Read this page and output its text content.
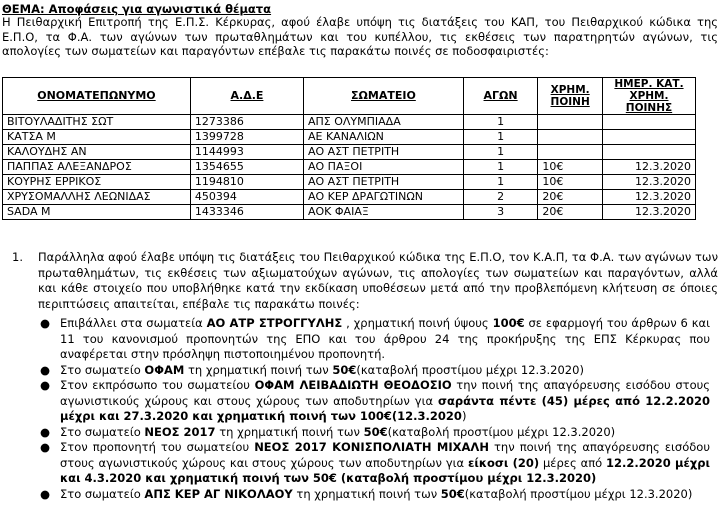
ΘΕΜΑ: Αποφάσεις για αγωνιστικά θέματα
Η Πειθαρχική Επιτροπή της Ε.Π.Σ. Κέρκυρας, αφού έλαβε υπόψη τις διατάξεις του ΚΑΠ, του Πειθαρχικού κώδικα της Ε.Π.Ο, τα Φ.Α. των αγώνων των πρωταθλημάτων και του κυπέλλου, τις εκθέσεις των παρατηρητών αγώνων, τις απολογίες των σωματείων και παραγόντων επέβαλε τις παρακάτω ποινές σε ποδοσφαιριστές:
ΟΝΟΜΑΤΕΠΩΝΥΜΟ	Α.Δ.Ε	ΣΩΜΑΤΕΙΟ	ΑΓΩΝ	ΧΡΗΜ. ΠΟΙΝΗ	ΗΜΕΡ. ΚΑΤ. ΧΡΗΜ. ΠΟΙΝΗΣ
ΒΙΤΟΥΛΑΔΙΤΗΣ ΣΩΤ	1273386	ΑΠΣ ΟΛΥΜΠΙΑΔΑ	1		
ΚΑΤΣΑ Μ	1399728	ΑΕ ΚΑΝΑΛΙΩΝ	1		
ΚΑΛΟΥΔΗΣ ΑΝ	1144993	ΑΟ ΑΣΤ ΠΕΤΡΙΤΗ	1		
ΠΑΠΠΑΣ ΑΛΕΞΑΝΔΡΟΣ	1354655	ΑΟ ΠΑΞΟΙ	1	10€	12.3.2020
ΚΟΥΡΗΣ ΕΡΡΙΚΟΣ	1194810	ΑΟ ΑΣΤ ΠΕΤΡΙΤΗ	1	10€	12.3.2020
ΧΡΥΣΟΜΑΛΛΗΣ ΛΕΩΝΙΔΑΣ	450394	ΑΟ ΚΕΡ ΔΡΑΓΩΤΙΝΩΝ	2	20€	12.3.2020
SADA M	1433346	ΑΟΚ ΦΑΙΑΞ	3	20€	12.3.2020
1. Παράλληλα αφού έλαβε υπόψη τις διατάξεις του Πειθαρχικού κώδικα της Ε.Π.Ο, τον Κ.Α.Π, τα Φ.Α. των αγώνων των πρωταθλημάτων, τις εκθέσεις των αξιωματούχων αγώνων, τις απολογίες των σωματείων και παραγόντων, αλλά και κάθε στοιχείο που υποβλήθηκε κατά την εκδίκαση υποθέσεων μετά από την προβλεπόμενη κλήτευση σε όποιες περιπτώσεις απαιτείται, επέβαλε τις παρακάτω ποινές:
● Επιβάλλει στα σωματεία ΑΟ ΑΤΡ ΣΤΡΟΓΓΥΛΗΣ , χρηματική ποινή ύψους 100€ σε εφαρμογή του άρθρων 6 και 11 του κανονισμού προπονητών της ΕΠΟ και του άρθρου 24 της προκήρυξης της ΕΠΣ Κέρκυρας που αναφέρεται στην πρόσληψη πιστοποιημένου προπονητή.
● Στο σωματείο ΟΦΑΜ τη χρηματική ποινή των 50€(καταβολή προστίμου μέχρι 12.3.2020)
● Στον εκπρόσωπο του σωματείου ΟΦΑΜ ΛΕΙΒΑΔΙΩΤΗ ΘΕΟΔΟΣΙΟ την ποινή της απαγόρευσης εισόδου στους αγωνιστικούς χώρους και στους χώρους των αποδυτηρίων για σαράντα πέντε (45) μέρες από 12.2.2020 μέχρι και 27.3.2020 και χρηματική ποινή των 100€(12.3.2020)
● Στο σωματείο ΝΕΟΣ 2017 τη χρηματική ποινή των 50€(καταβολή προστίμου μέχρι 12.3.2020)
● Στον προπονητή του σωματείου ΝΕΟΣ 2017 ΚΟΝΙΣΠΟΛΙΑΤΗ ΜΙΧΑΛΗ την ποινή της απαγόρευσης εισόδου στους αγωνιστικούς χώρους και στους χώρους των αποδυτηρίων για είκοσι (20) μέρες από 12.2.2020 μέχρι και 4.3.2020 και χρηματική ποινή των 50€ (καταβολή προστίμου μέχρι 12.3.2020)
● Στο σωματείο ΑΠΣ ΚΕΡ ΑΓ ΝΙΚΟΛΑΟΥ τη χρηματική ποινή των 50€(καταβολή προστίμου μέχρι 12.3.2020)
